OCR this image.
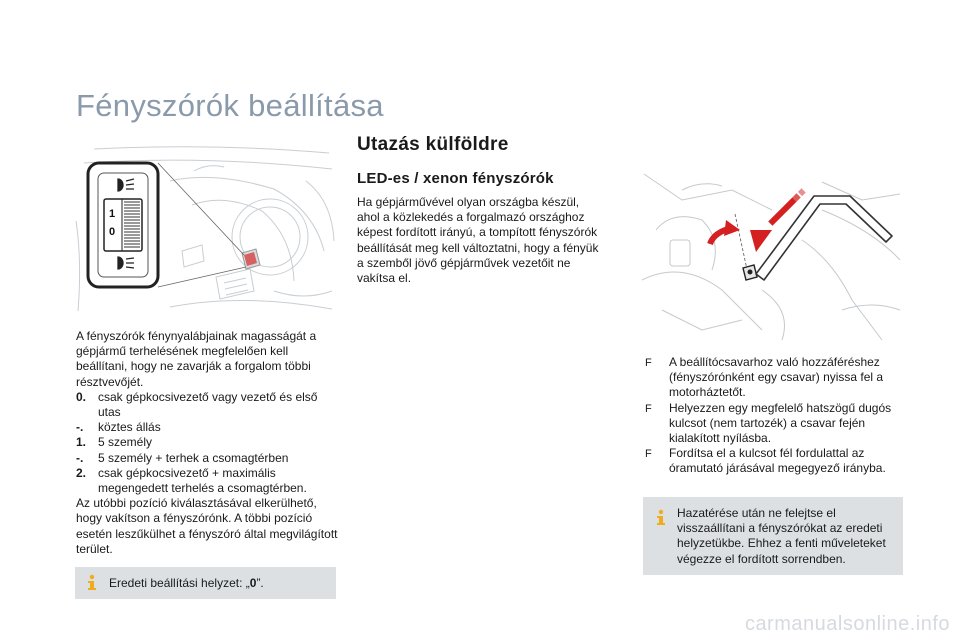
Fényszórók beállítása
1
0
A fényszórók fénynyalábjainak magasságát a gépjármű terhelésének megfelelően kell beállítani, hogy ne zavarják a forgalom többi résztvevőjét.
0. csak gépkocsivezető vagy vezető és első utas
-.	köztes állás
1. 5 személy
-.	5 személy + terhek a csomagtérben
2. csak gépkocsivezető + maximális megengedett terhelés a csomagtérben.
Az utóbbi pozíció kiválasztásával elkerülhető, hogy vakítson a fényszórónk. A többi pozíció esetén leszűkülhet a fényszóró által megvilágított terület.
Eredeti beállítási helyzet: „0”.
Utazás külföldre
LED-es / xenon fényszórók
Ha gépjárművével olyan országba készül, ahol a közlekedés a forgalmazó országhoz képest fordított irányú, a tompított fényszórók beállítását meg kell változtatni, hogy a fényük a szemből jövő gépjárművek vezetőit ne vakítsa el.
F	A beállítócsavarhoz való hozzáféréshez (fényszórónként egy csavar) nyissa fel a motorháztetőt.
F	Helyezzen egy megfelelő hatszögű dugós kulcsot (nem tartozék) a csavar fején kialakított nyílásba.
F	Fordítsa el a kulcsot fél fordulattal az óramutató járásával megegyező irányba.
Hazatérése után ne felejtse el visszaállítani a fényszórókat az eredeti helyzetükbe. Ehhez a fenti műveleteket végezze el fordított sorrendben.
carmanualsonline.info
